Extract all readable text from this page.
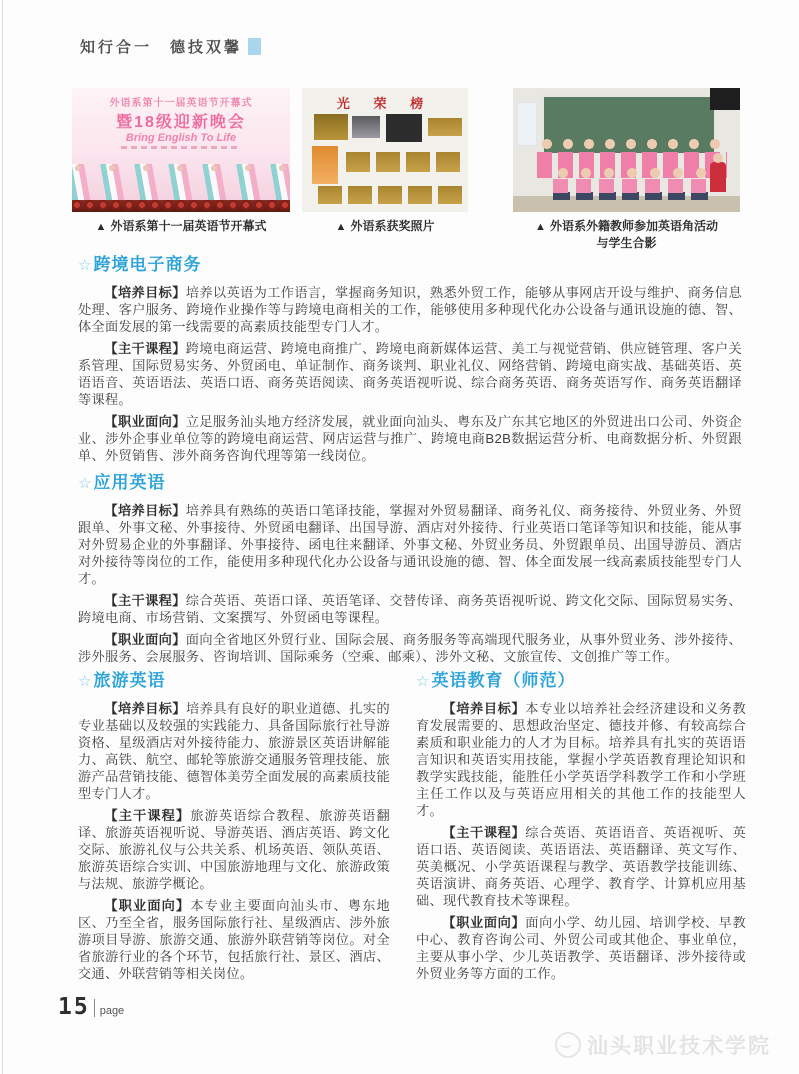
知行合一　德技双馨
外语系第十一届英语节开幕式
暨18级迎新晚会
Bring English To Life
光 荣 榜
▲ 外语系第十一届英语节开幕式	▲ 外语系获奖照片	▲ 外语系外籍教师参加英语角活动
与学生合影
☆跨境电子商务

【培养目标】培养以英语为工作语言，掌握商务知识，熟悉外贸工作，能够从事网店开设与维护、商务信息处理、客户服务、跨境作业操作等与跨境电商相关的工作，能够使用多种现代化办公设备与通讯设施的德、智、体全面发展的第一线需要的高素质技能型专门人才。

【主干课程】跨境电商运营、跨境电商推广、跨境电商新媒体运营、美工与视觉营销、供应链管理、客户关系管理、国际贸易实务、外贸函电、单证制作、商务谈判、职业礼仪、网络营销、跨境电商实战、基础英语、英语语音、英语语法、英语口语、商务英语阅读、商务英语视听说、综合商务英语、商务英语写作、商务英语翻译等课程。

【职业面向】立足服务汕头地方经济发展，就业面向汕头、粤东及广东其它地区的外贸进出口公司、外资企业、涉外企事业单位等的跨境电商运营、网店运营与推广、跨境电商B2B数据运营分析、电商数据分析、外贸跟单、外贸销售、涉外商务咨询代理等第一线岗位。

☆应用英语

【培养目标】培养具有熟练的英语口笔译技能，掌握对外贸易翻译、商务礼仪、商务接待、外贸业务、外贸跟单、外事文秘、外事接待、外贸函电翻译、出国导游、酒店对外接待、行业英语口笔译等知识和技能，能从事对外贸易企业的外事翻译、外事接待、函电往来翻译、外事文秘、外贸业务员、外贸跟单员、出国导游员、酒店对外接待等岗位的工作，能使用多种现代化办公设备与通讯设施的德、智、体全面发展一线高素质技能型专门人才。

【主干课程】综合英语、英语口译、英语笔译、交替传译、商务英语视听说、跨文化交际、国际贸易实务、跨境电商、市场营销、文案撰写、外贸函电等课程。

【职业面向】面向全省地区外贸行业、国际会展、商务服务等高端现代服务业，从事外贸业务、涉外接待、涉外服务、会展服务、咨询培训、国际乘务（空乘、邮乘）、涉外文秘、文旅宣传、文创推广等工作。

☆旅游英语

【培养目标】培养具有良好的职业道德、扎实的专业基础以及较强的实践能力、具备国际旅行社导游资格、星级酒店对外接待能力、旅游景区英语讲解能力、高铁、航空、邮轮等旅游交通服务管理技能、旅游产品营销技能、德智体美劳全面发展的高素质技能型专门人才。

【主干课程】旅游英语综合教程、旅游英语翻译、旅游英语视听说、导游英语、酒店英语、跨文化交际、旅游礼仪与公共关系、机场英语、领队英语、旅游英语综合实训、中国旅游地理与文化、旅游政策与法规、旅游学概论。

【职业面向】本专业主要面向汕头市、粤东地区、乃至全省，服务国际旅行社、星级酒店、涉外旅游项目导游、旅游交通、旅游外联营销等岗位。对全省旅游行业的各个环节，包括旅行社、景区、酒店、交通、外联营销等相关岗位。

☆英语教育（师范）

【培养目标】本专业以培养社会经济建设和义务教育发展需要的、思想政治坚定、德技并修、有较高综合素质和职业能力的人才为目标。培养具有扎实的英语语言知识和英语实用技能，掌握小学英语教育理论知识和教学实践技能，能胜任小学英语学科教学工作和小学班主任工作以及与英语应用相关的其他工作的技能型人才。

【主干课程】综合英语、英语语音、英语视听、英语口语、英语阅读、英语语法、英语翻译、英文写作、英美概况、小学英语课程与教学、英语教学技能训练、英语演讲、商务英语、心理学、教育学、计算机应用基础、现代教育技术等课程。

【职业面向】面向小学、幼儿园、培训学校、早教中心、教育咨询公司、外贸公司或其他企、事业单位，主要从事小学、少儿英语教学、英语翻译、涉外接待或外贸业务等方面的工作。

15 page
汕头职业技术学院
